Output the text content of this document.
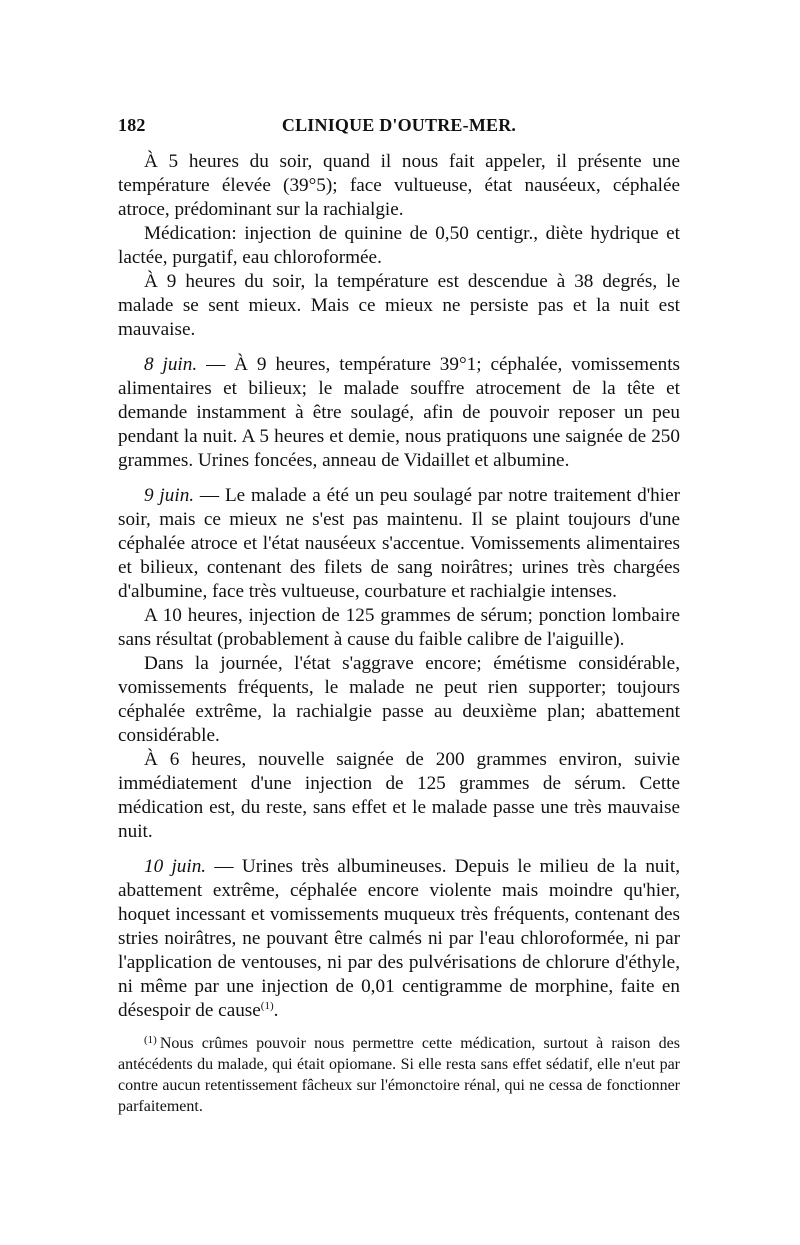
182	CLINIQUE D'OUTRE-MER.

À 5 heures du soir, quand il nous fait appeler, il présente une température élevée (39°5); face vultueuse, état nauséeux, céphalée atroce, prédominant sur la rachialgie.

Médication: injection de quinine de 0,50 centigr., diète hydrique et lactée, purgatif, eau chloroformée.

À 9 heures du soir, la température est descendue à 38 degrés, le malade se sent mieux. Mais ce mieux ne persiste pas et la nuit est mauvaise.

8 juin. — À 9 heures, température 39°1; céphalée, vomissements alimentaires et bilieux; le malade souffre atrocement de la tête et demande instamment à être soulagé, afin de pouvoir reposer un peu pendant la nuit. A 5 heures et demie, nous pratiquons une saignée de 250 grammes. Urines foncées, anneau de Vidaillet et albumine.

9 juin. — Le malade a été un peu soulagé par notre traitement d'hier soir, mais ce mieux ne s'est pas maintenu. Il se plaint toujours d'une céphalée atroce et l'état nauséeux s'accentue. Vomissements alimentaires et bilieux, contenant des filets de sang noirâtres; urines très chargées d'albumine, face très vultueuse, courbature et rachialgie intenses.

A 10 heures, injection de 125 grammes de sérum; ponction lombaire sans résultat (probablement à cause du faible calibre de l'aiguille).

Dans la journée, l'état s'aggrave encore; émétisme considérable, vomissements fréquents, le malade ne peut rien supporter; toujours céphalée extrême, la rachialgie passe au deuxième plan; abattement considérable.

À 6 heures, nouvelle saignée de 200 grammes environ, suivie immédiatement d'une injection de 125 grammes de sérum. Cette médication est, du reste, sans effet et le malade passe une très mauvaise nuit.

10 juin. — Urines très albumineuses. Depuis le milieu de la nuit, abattement extrême, céphalée encore violente mais moindre qu'hier, hoquet incessant et vomissements muqueux très fréquents, contenant des stries noirâtres, ne pouvant être calmés ni par l'eau chloroformée, ni par l'application de ventouses, ni par des pulvérisations de chlorure d'éthyle, ni même par une injection de 0,01 centigramme de morphine, faite en désespoir de cause$^{(1)}$.

$^{(1)}$ Nous crûmes pouvoir nous permettre cette médication, surtout à raison des antécédents du malade, qui était opiomane. Si elle resta sans effet sédatif, elle n'eut par contre aucun retentissement fâcheux sur l'émonctoire rénal, qui ne cessa de fonctionner parfaitement.
